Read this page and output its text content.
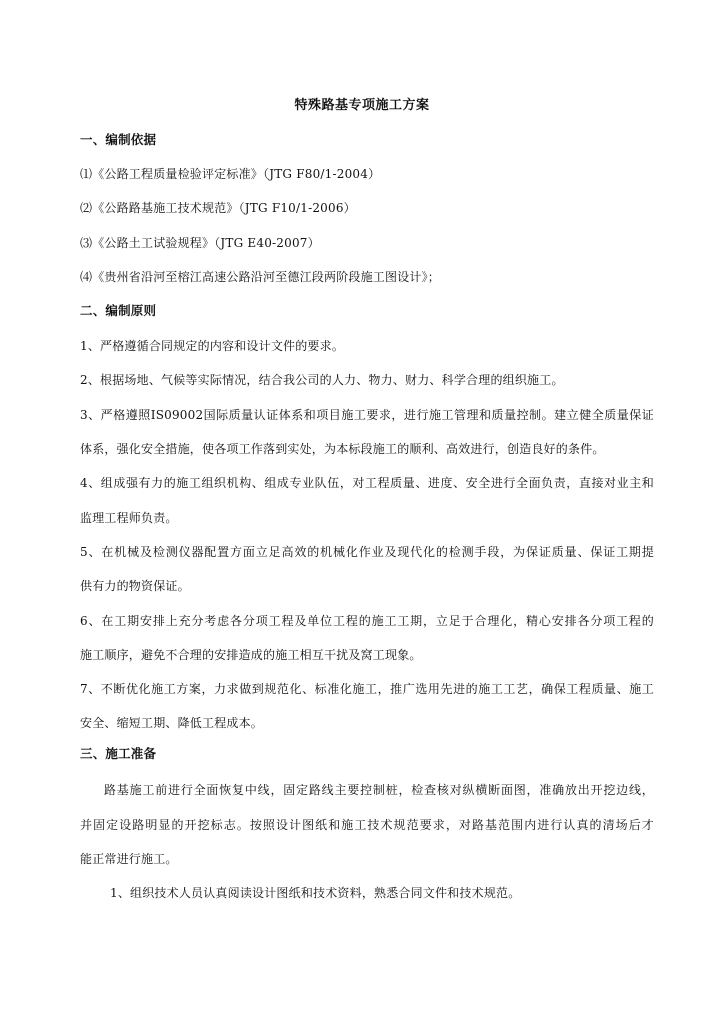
特殊路基专项施工方案
一、编制依据
⑴《公路工程质量检验评定标准》（JTG F80/1-2004）
⑵《公路路基施工技术规范》（JTG F10/1-2006）
⑶《公路土工试验规程》（JTG E40-2007）
⑷《贵州省沿河至榕江高速公路沿河至德江段两阶段施工图设计》；
二、编制原则
1、严格遵循合同规定的内容和设计文件的要求。
2、根据场地、气候等实际情况，结合我公司的人力、物力、财力、科学合理的组织施工。
3、严格遵照IS09002国际质量认证体系和项目施工要求，进行施工管理和质量控制。建立健全质量保证
体系，强化安全措施，使各项工作落到实处，为本标段施工的顺利、高效进行，创造良好的条件。
4、组成强有力的施工组织机构、组成专业队伍，对工程质量、进度、安全进行全面负责，直接对业主和
监理工程师负责。
5、在机械及检测仪器配置方面立足高效的机械化作业及现代化的检测手段，为保证质量、保证工期提
供有力的物资保证。
6、在工期安排上充分考虑各分项工程及单位工程的施工工期，立足于合理化，精心安排各分项工程的
施工顺序，避免不合理的安排造成的施工相互干扰及窝工现象。
7、不断优化施工方案，力求做到规范化、标准化施工，推广选用先进的施工工艺，确保工程质量、施工
安全、缩短工期、降低工程成本。
三、施工准备
路基施工前进行全面恢复中线，固定路线主要控制桩，检查核对纵横断面图，准确放出开挖边线，
并固定设路明显的开挖标志。按照设计图纸和施工技术规范要求，对路基范围内进行认真的清场后才
能正常进行施工。
1、组织技术人员认真阅读设计图纸和技术资料，熟悉合同文件和技术规范。
